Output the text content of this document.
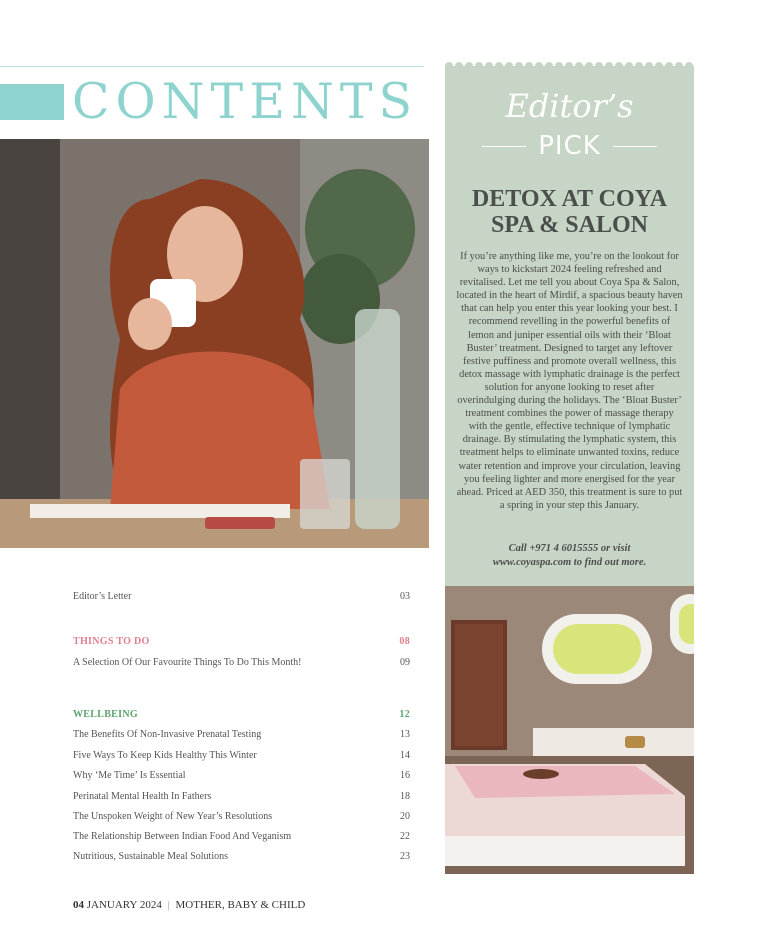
CONTENTS
Editor’s Letter	03
THINGS TO DO	08
A Selection Of Our Favourite Things To Do This Month!	09
WELLBEING	12
The Benefits Of Non-Invasive Prenatal Testing	13
Five Ways To Keep Kids Healthy This Winter	14
Why ‘Me Time’ Is Essential	16
Perinatal Mental Health In Fathers	18
The Unspoken Weight of New Year’s Resolutions	20
The Relationship Between Indian Food And Veganism	22
Nutritious, Sustainable Meal Solutions	23
04 JANUARY 2024 | MOTHER, BABY & CHILD
Editor’s
PICK
DETOX AT COYA SPA & SALON
If you’re anything like me, you’re on the lookout for ways to kickstart 2024 feeling refreshed and revitalised. Let me tell you about Coya Spa & Salon, located in the heart of Mirdif, a spacious beauty haven that can help you enter this year looking your best. I recommend revelling in the powerful benefits of lemon and juniper essential oils with their ‘Bloat Buster’ treatment. Designed to target any leftover festive puffiness and promote overall wellness, this detox massage with lymphatic drainage is the perfect solution for anyone looking to reset after overindulging during the holidays. The ‘Bloat Buster’ treatment combines the power of massage therapy with the gentle, effective technique of lymphatic drainage. By stimulating the lymphatic system, this treatment helps to eliminate unwanted toxins, reduce water retention and improve your circulation, leaving you feeling lighter and more energised for the year ahead. Priced at AED 350, this treatment is sure to put a spring in your step this January.
Call +971 4 6015555 or visit
www.coyaspa.com to find out more.
